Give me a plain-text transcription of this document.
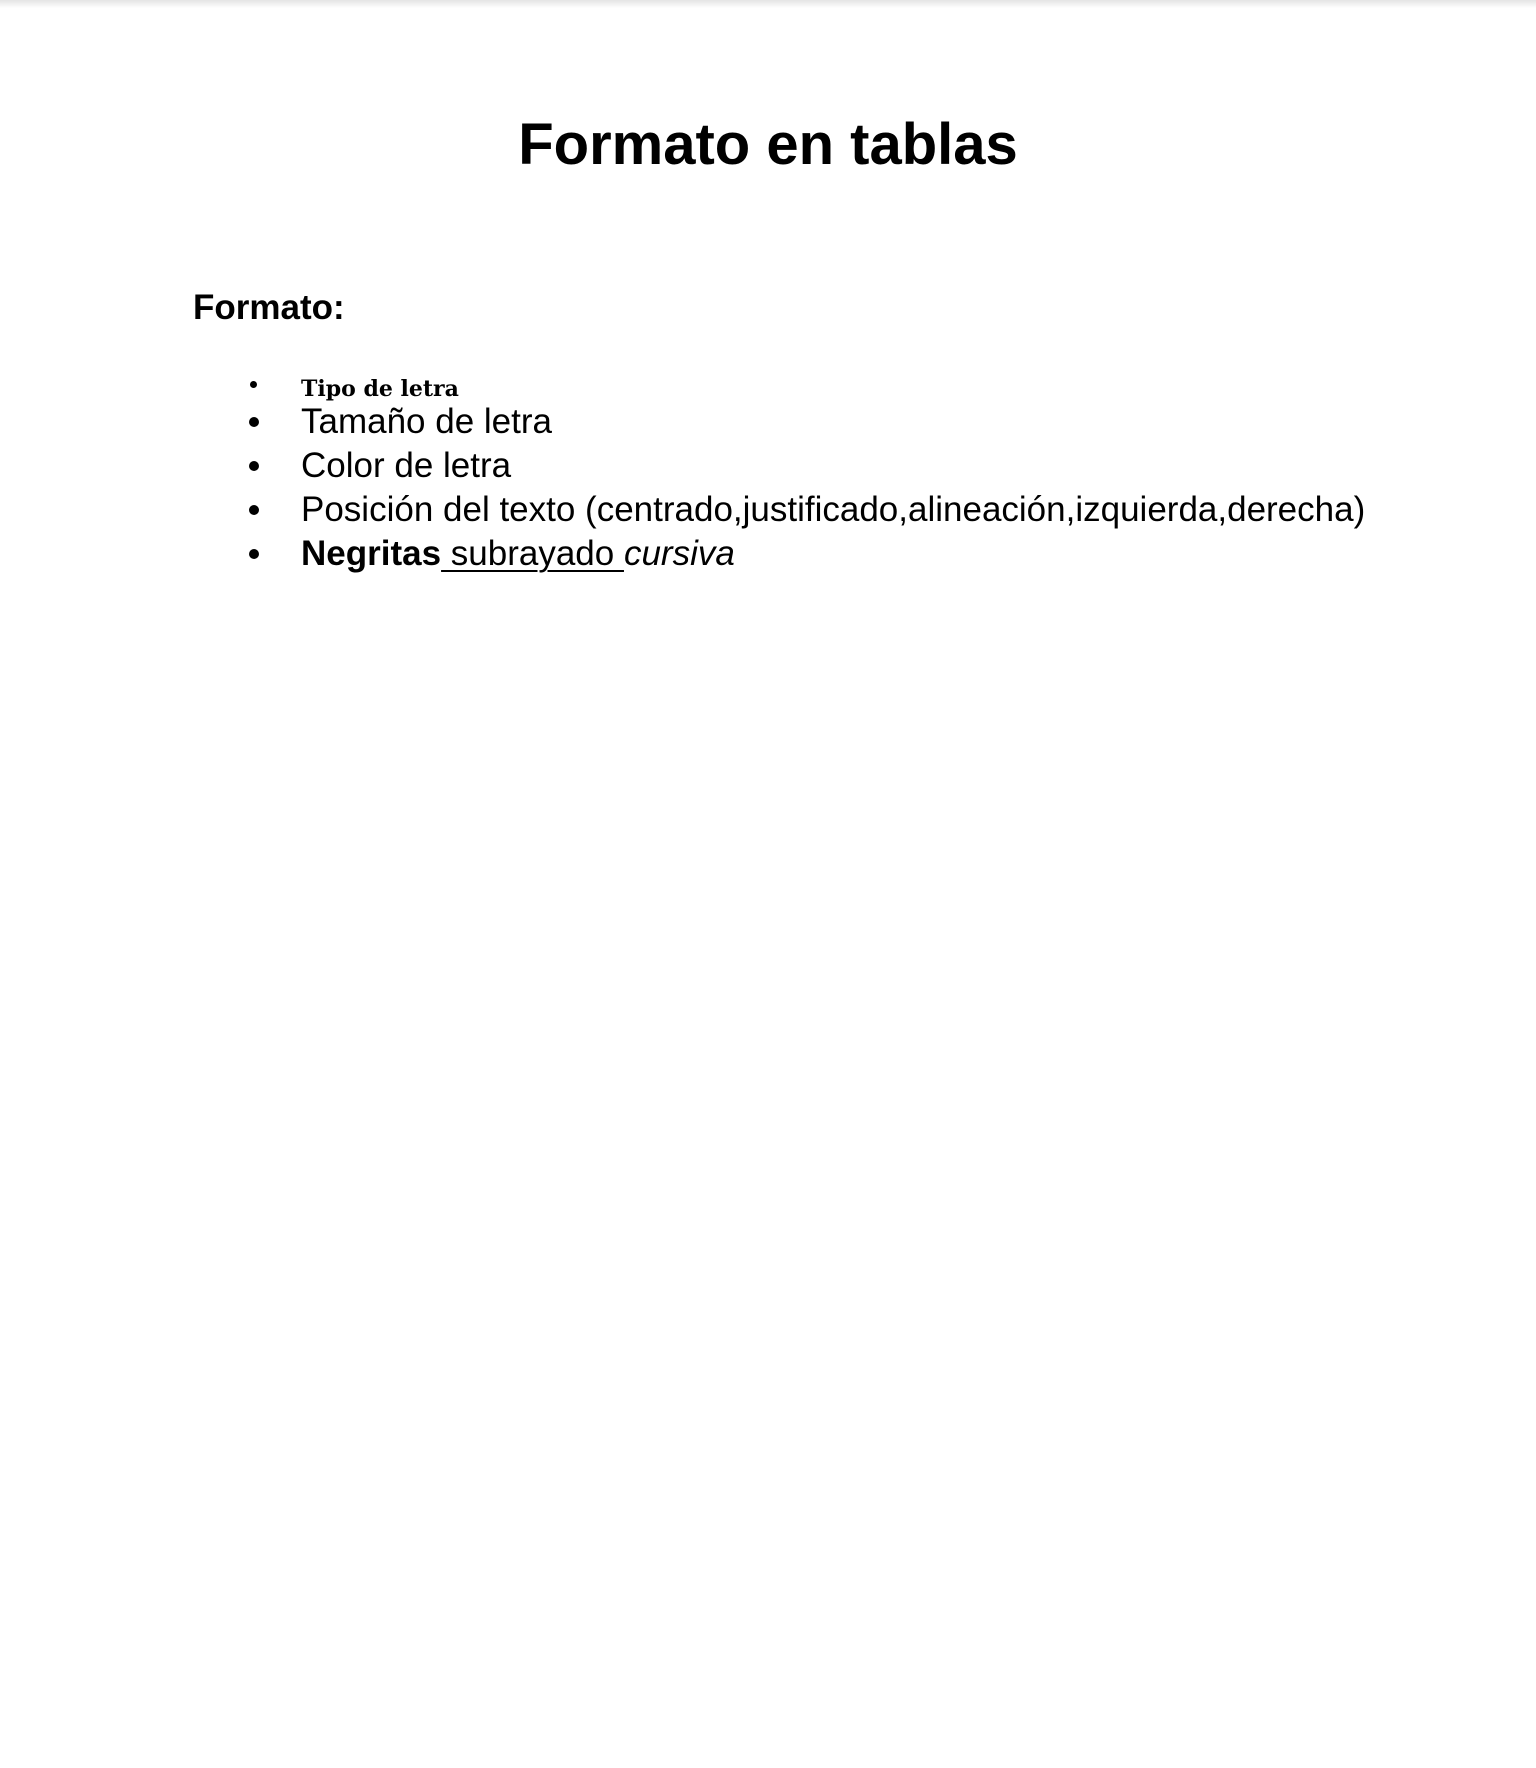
Formato en tablas

Formato:

Tipo de letra
Tamaño de letra
Color de letra
Posición del texto (centrado,justificado,alineación,izquierda,derecha)
Negritas subrayado cursiva
